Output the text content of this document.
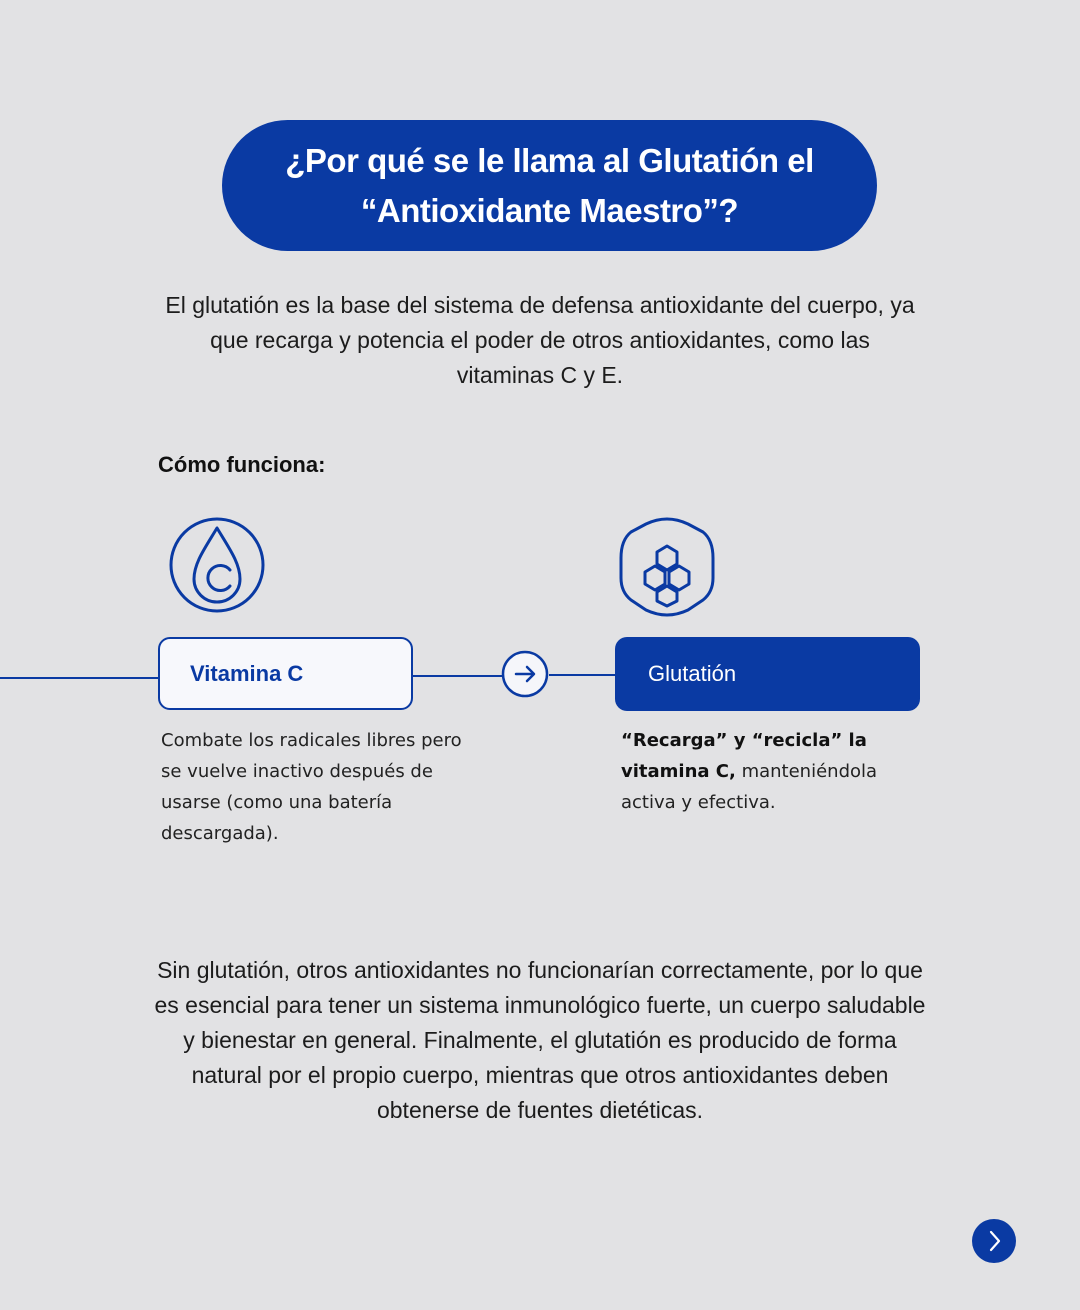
¿Por qué se le llama al Glutatión el
“Antioxidante Maestro”?

El glutatión es la base del sistema de defensa antioxidante del cuerpo, ya que recarga y potencia el poder de otros antioxidantes, como las vitaminas C y E.

Cómo funciona:

Vitamina C	Glutatión

Combate los radicales libres pero se vuelve inactivo después de usarse (como una batería descargada).

“Recarga” y “recicla” la vitamina C, manteniéndola activa y efectiva.

Sin glutatión, otros antioxidantes no funcionarían correctamente, por lo que es esencial para tener un sistema inmunológico fuerte, un cuerpo saludable y bienestar en general. Finalmente, el glutatión es producido de forma natural por el propio cuerpo, mientras que otros antioxidantes deben obtenerse de fuentes dietéticas.
